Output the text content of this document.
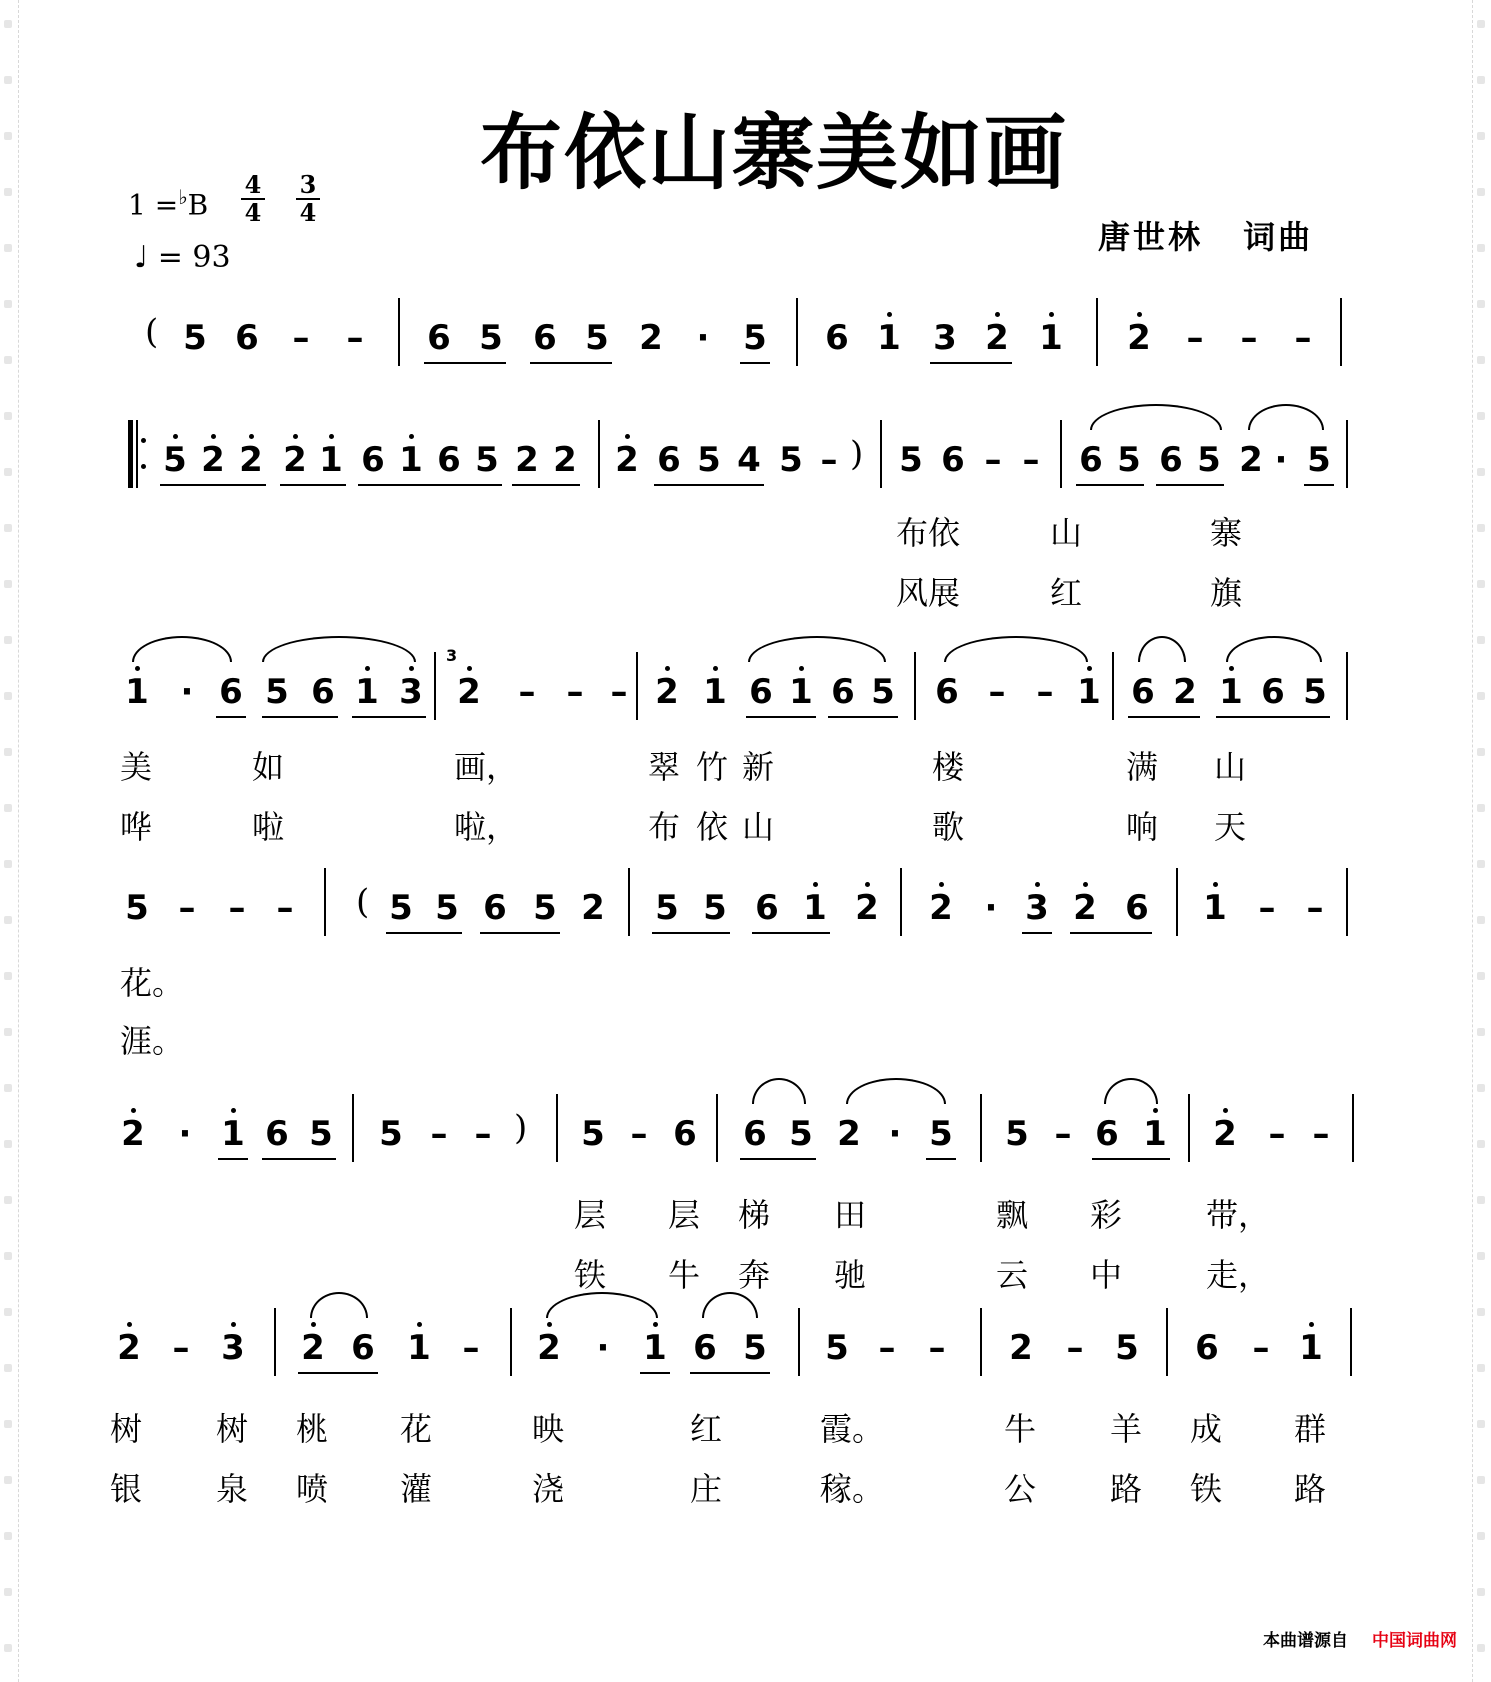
布依山寨美如画
1 =♭B
4
4
3
4
♩ = 93
唐世林 词曲
( 5 6 – – 6 5 6 5 2 · 5 6 1 3 2 1 2 – – –
5 2 2 2 1 6 1 6 5 2 2 2 6 5 4 5 – ) 5 6 – – 6 5 6 5 2 · 5
布依	山	寨
风展	红	旗
1 · 6 5 6 1 3
3
2 – – – 2 1 6 1 6 5 6 – – 1 6 2 1 6 5
美	如	画，	翠 竹 新	楼	满 山
哗	啦	啦，	布 依 山	歌	响 天
5 – – – ( 5 5 6 5 2 5 5 6 1 2 2 · 3 2 6 1 – –
花。
涯。
2 · 1 6 5 5 – – ) 5 – 6 6 5 2 · 5 5 – 6 1 2 – –
层 层 梯 田	飘 彩	带，
铁 牛 奔 驰	云 中	走，
2 – 3 2 6 1 – 2 · 1 6 5 5 – – 2 – 5 6 – 1
树 树 桃 花	映	红	霞。	牛 羊 成 群
银 泉 喷 灌	浇	庄	稼。	公 路 铁 路
本曲谱源自 中国词曲网
